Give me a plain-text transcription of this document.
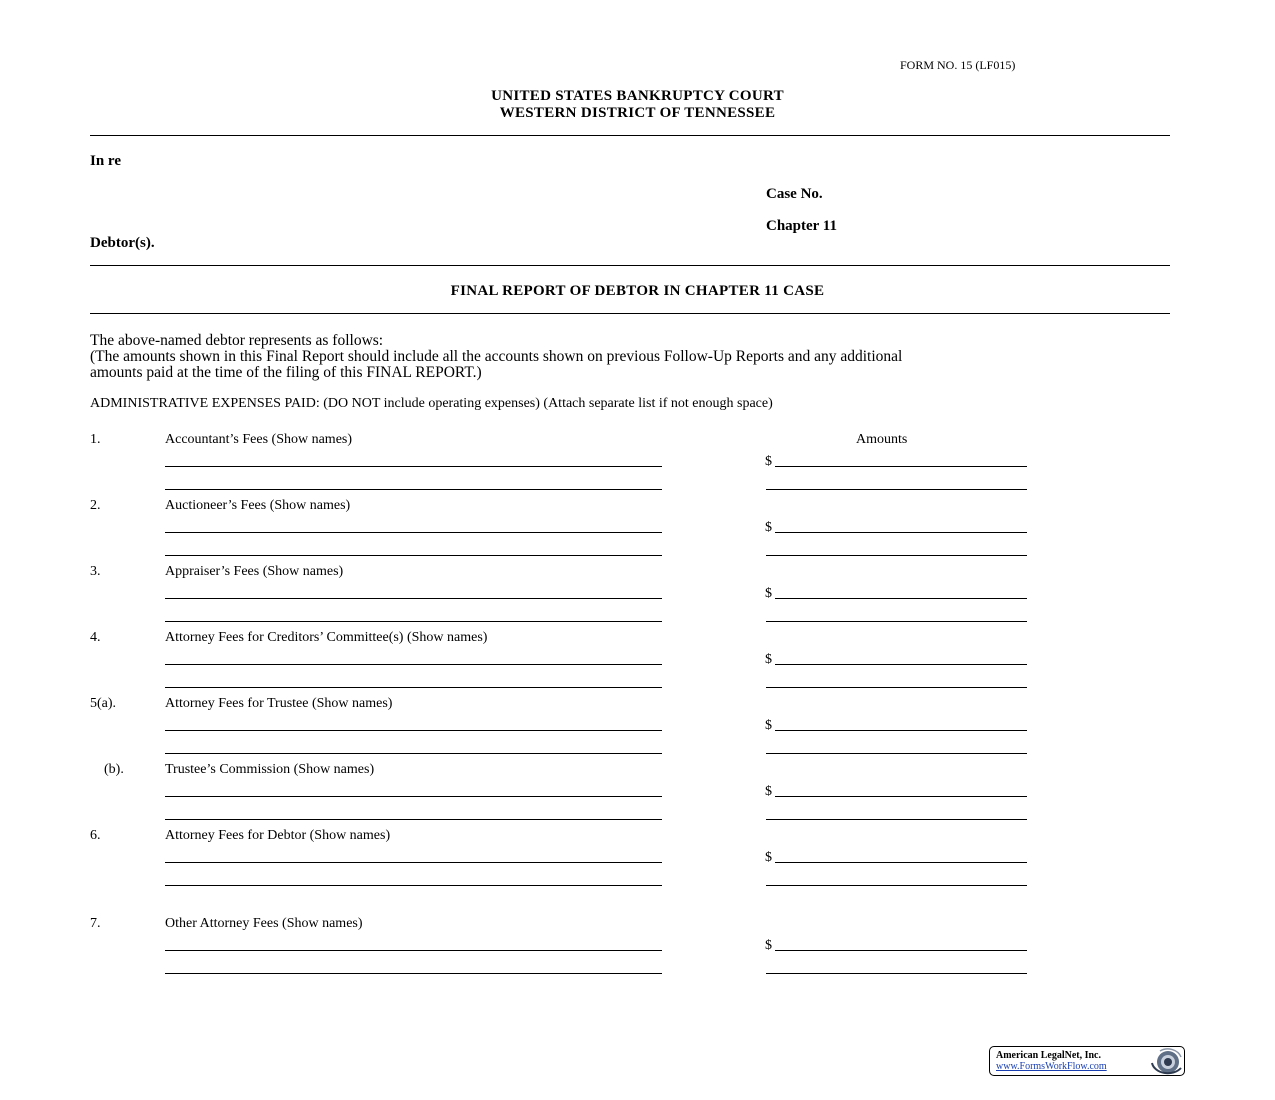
FORM NO. 15 (LF015)
UNITED STATES BANKRUPTCY COURT
WESTERN DISTRICT OF TENNESSEE
In re
Case No.
Chapter 11
Debtor(s).
FINAL REPORT OF DEBTOR IN CHAPTER 11 CASE
The above-named debtor represents as follows:
(The amounts shown in this Final Report should include all the accounts shown on previous Follow-Up Reports and any additional
amounts paid at the time of the filing of this FINAL REPORT.)
ADMINISTRATIVE EXPENSES PAID: (DO NOT include operating expenses) (Attach separate list if not enough space)
Amounts
1.	Accountant’s Fees (Show names)
$
2.	Auctioneer’s Fees (Show names)
$
3.	Appraiser’s Fees (Show names)
$
4.	Attorney Fees for Creditors’ Committee(s) (Show names)
$
5(a).	Attorney Fees for Trustee (Show names)
$
(b).	Trustee’s Commission (Show names)
$
6.	Attorney Fees for Debtor (Show names)
$
7.	Other Attorney Fees (Show names)
$
American LegalNet, Inc.
www.FormsWorkFlow.com
